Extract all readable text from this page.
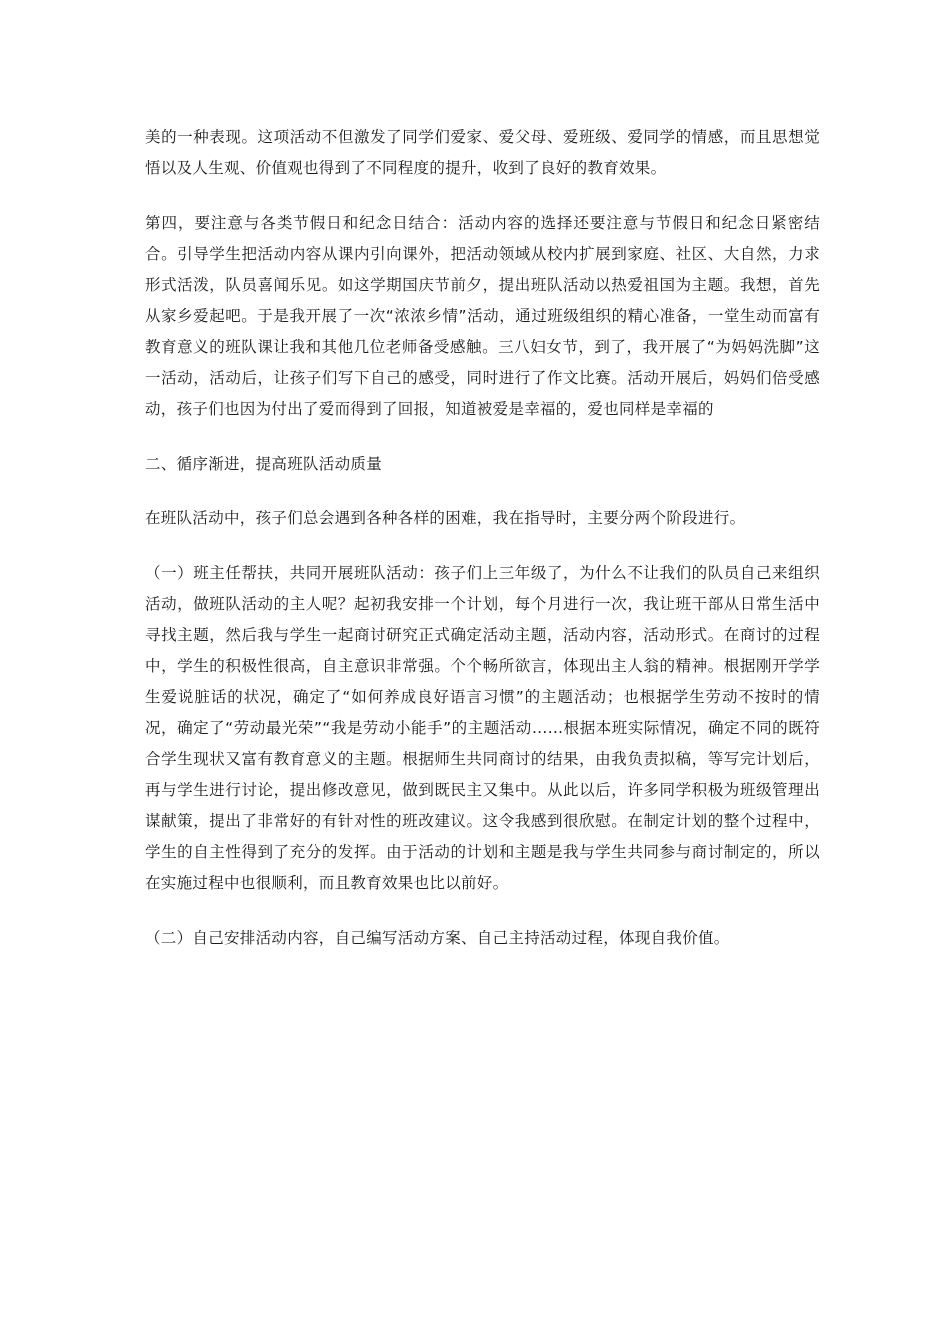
美的一种表现。这项活动不但激发了同学们爱家、爱父母、爱班级、爱同学的情感，而且思想觉悟以及人生观、价值观也得到了不同程度的提升，收到了良好的教育效果。

第四，要注意与各类节假日和纪念日结合：活动内容的选择还要注意与节假日和纪念日紧密结合。引导学生把活动内容从课内引向课外，把活动领域从校内扩展到家庭、社区、大自然，力求形式活泼，队员喜闻乐见。如这学期国庆节前夕，提出班队活动以热爱祖国为主题。我想，首先从家乡爱起吧。于是我开展了一次“浓浓乡情”活动，通过班级组织的精心准备，一堂生动而富有教育意义的班队课让我和其他几位老师备受感触。三八妇女节，到了，我开展了“为妈妈洗脚”这一活动，活动后，让孩子们写下自己的感受，同时进行了作文比赛。活动开展后，妈妈们倍受感动，孩子们也因为付出了爱而得到了回报，知道被爱是幸福的，爱也同样是幸福的

二、循序渐进，提高班队活动质量

在班队活动中，孩子们总会遇到各种各样的困难，我在指导时，主要分两个阶段进行。

（一）班主任帮扶，共同开展班队活动：孩子们上三年级了，为什么不让我们的队员自己来组织活动，做班队活动的主人呢？起初我安排一个计划，每个月进行一次，我让班干部从日常生活中寻找主题，然后我与学生一起商讨研究正式确定活动主题，活动内容，活动形式。在商讨的过程中，学生的积极性很高，自主意识非常强。个个畅所欲言，体现出主人翁的精神。根据刚开学学生爱说脏话的状况，确定了“如何养成良好语言习惯”的主题活动；也根据学生劳动不按时的情况，确定了“劳动最光荣”“我是劳动小能手”的主题活动……根据本班实际情况，确定不同的既符合学生现状又富有教育意义的主题。根据师生共同商讨的结果，由我负责拟稿，等写完计划后，再与学生进行讨论，提出修改意见，做到既民主又集中。从此以后，许多同学积极为班级管理出谋献策，提出了非常好的有针对性的班改建议。这令我感到很欣慰。在制定计划的整个过程中，学生的自主性得到了充分的发挥。由于活动的计划和主题是我与学生共同参与商讨制定的，所以在实施过程中也很顺利，而且教育效果也比以前好。

（二）自己安排活动内容，自己编写活动方案、自己主持活动过程，体现自我价值。
